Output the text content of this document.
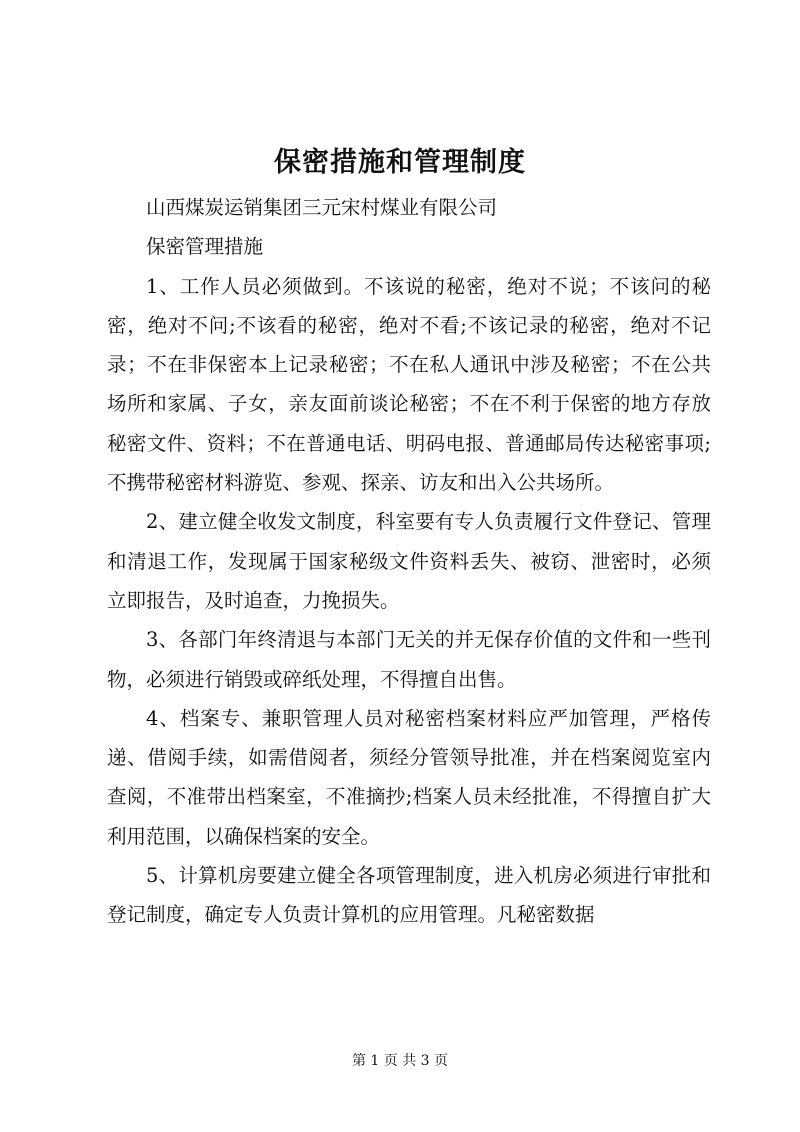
保密措施和管理制度

山西煤炭运销集团三元宋村煤业有限公司

保密管理措施

1、工作人员必须做到。不该说的秘密，绝对不说；不该问的秘密，绝对不问;不该看的秘密，绝对不看;不该记录的秘密，绝对不记录；不在非保密本上记录秘密；不在私人通讯中涉及秘密；不在公共场所和家属、子女，亲友面前谈论秘密；不在不利于保密的地方存放秘密文件、资料；不在普通电话、明码电报、普通邮局传达秘密事项;不携带秘密材料游览、参观、探亲、访友和出入公共场所。

2、建立健全收发文制度，科室要有专人负责履行文件登记、管理和清退工作，发现属于国家秘级文件资料丢失、被窃、泄密时，必须立即报告，及时追查，力挽损失。

3、各部门年终清退与本部门无关的并无保存价值的文件和一些刊物，必须进行销毁或碎纸处理，不得擅自出售。

4、档案专、兼职管理人员对秘密档案材料应严加管理，严格传递、借阅手续，如需借阅者，须经分管领导批准，并在档案阅览室内查阅，不准带出档案室，不准摘抄;档案人员未经批准，不得擅自扩大利用范围，以确保档案的安全。

5、计算机房要建立健全各项管理制度，进入机房必须进行审批和登记制度，确定专人负责计算机的应用管理。凡秘密数据

第 1 页 共 3 页
